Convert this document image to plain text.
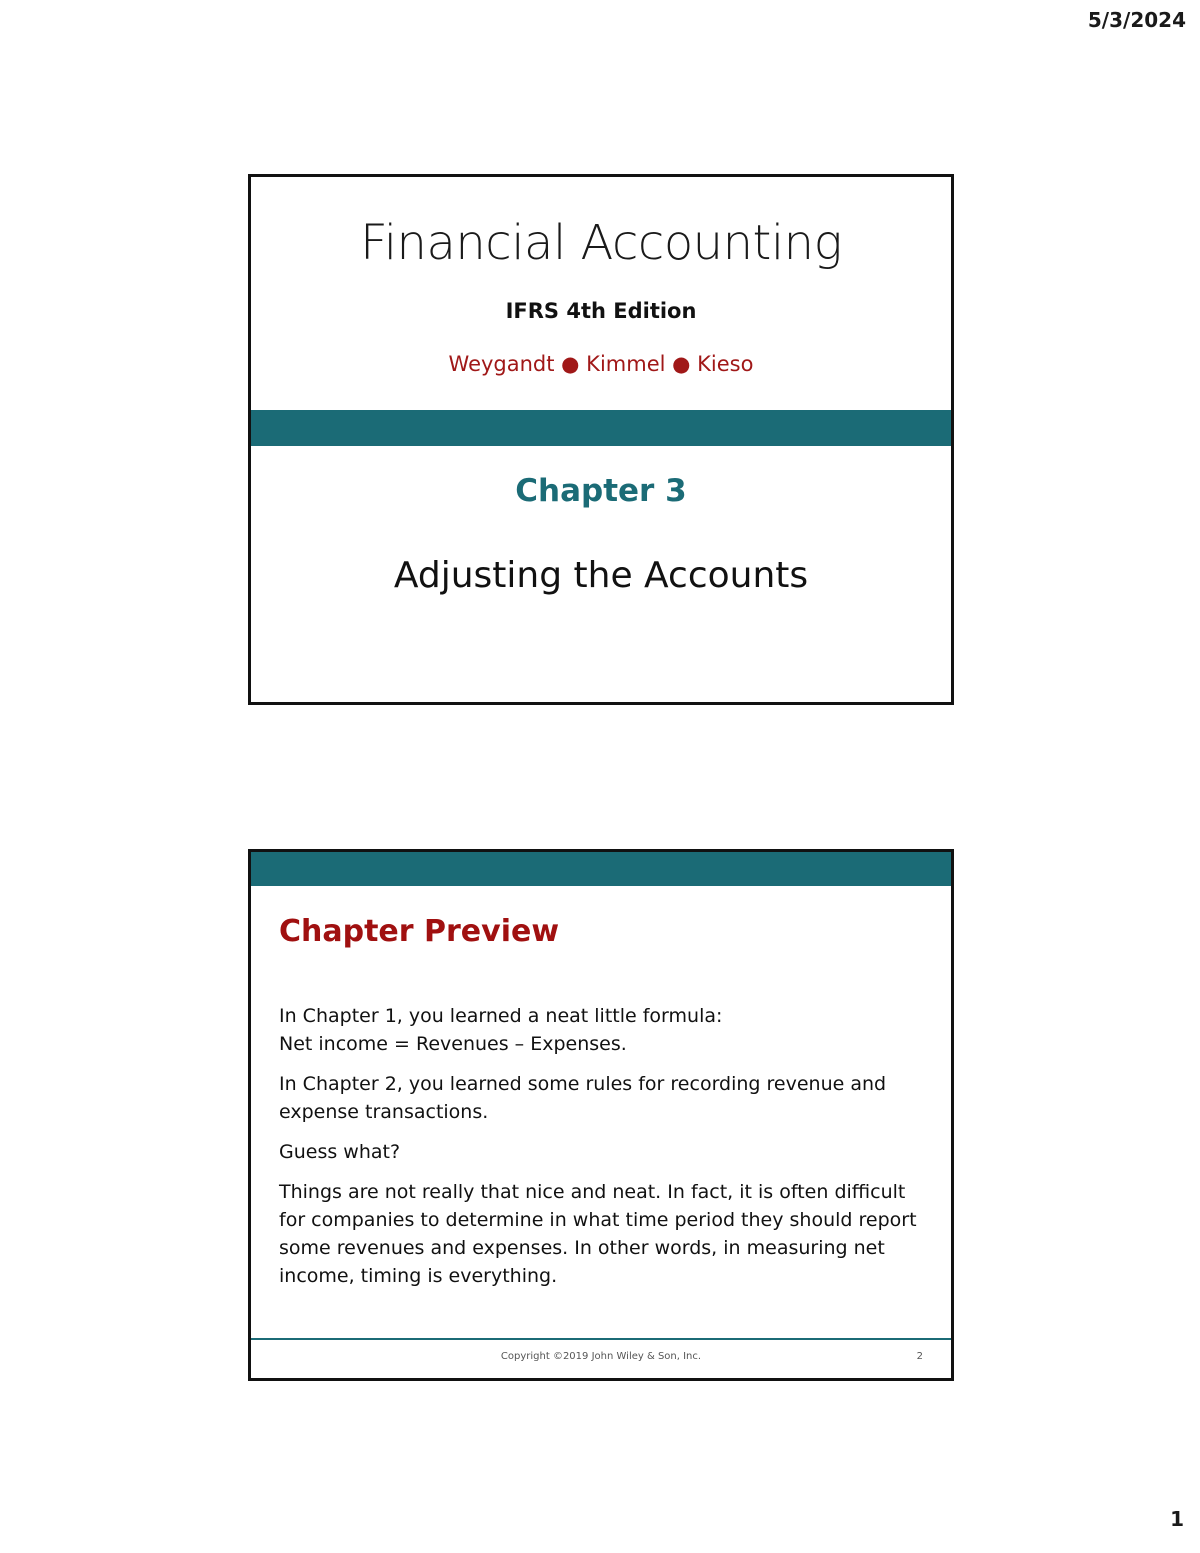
5/3/2024
Financial Accounting
IFRS 4th Edition
Weygandt ● Kimmel ● Kieso
Chapter 3
Adjusting the Accounts
Chapter Preview

In Chapter 1, you learned a neat little formula:
Net income = Revenues – Expenses.

In Chapter 2, you learned some rules for recording revenue and expense transactions.

Guess what?

Things are not really that nice and neat. In fact, it is often difficult for companies to determine in what time period they should report some revenues and expenses. In other words, in measuring net income, timing is everything.

Copyright ©2019 John Wiley & Son, Inc.	2
1
